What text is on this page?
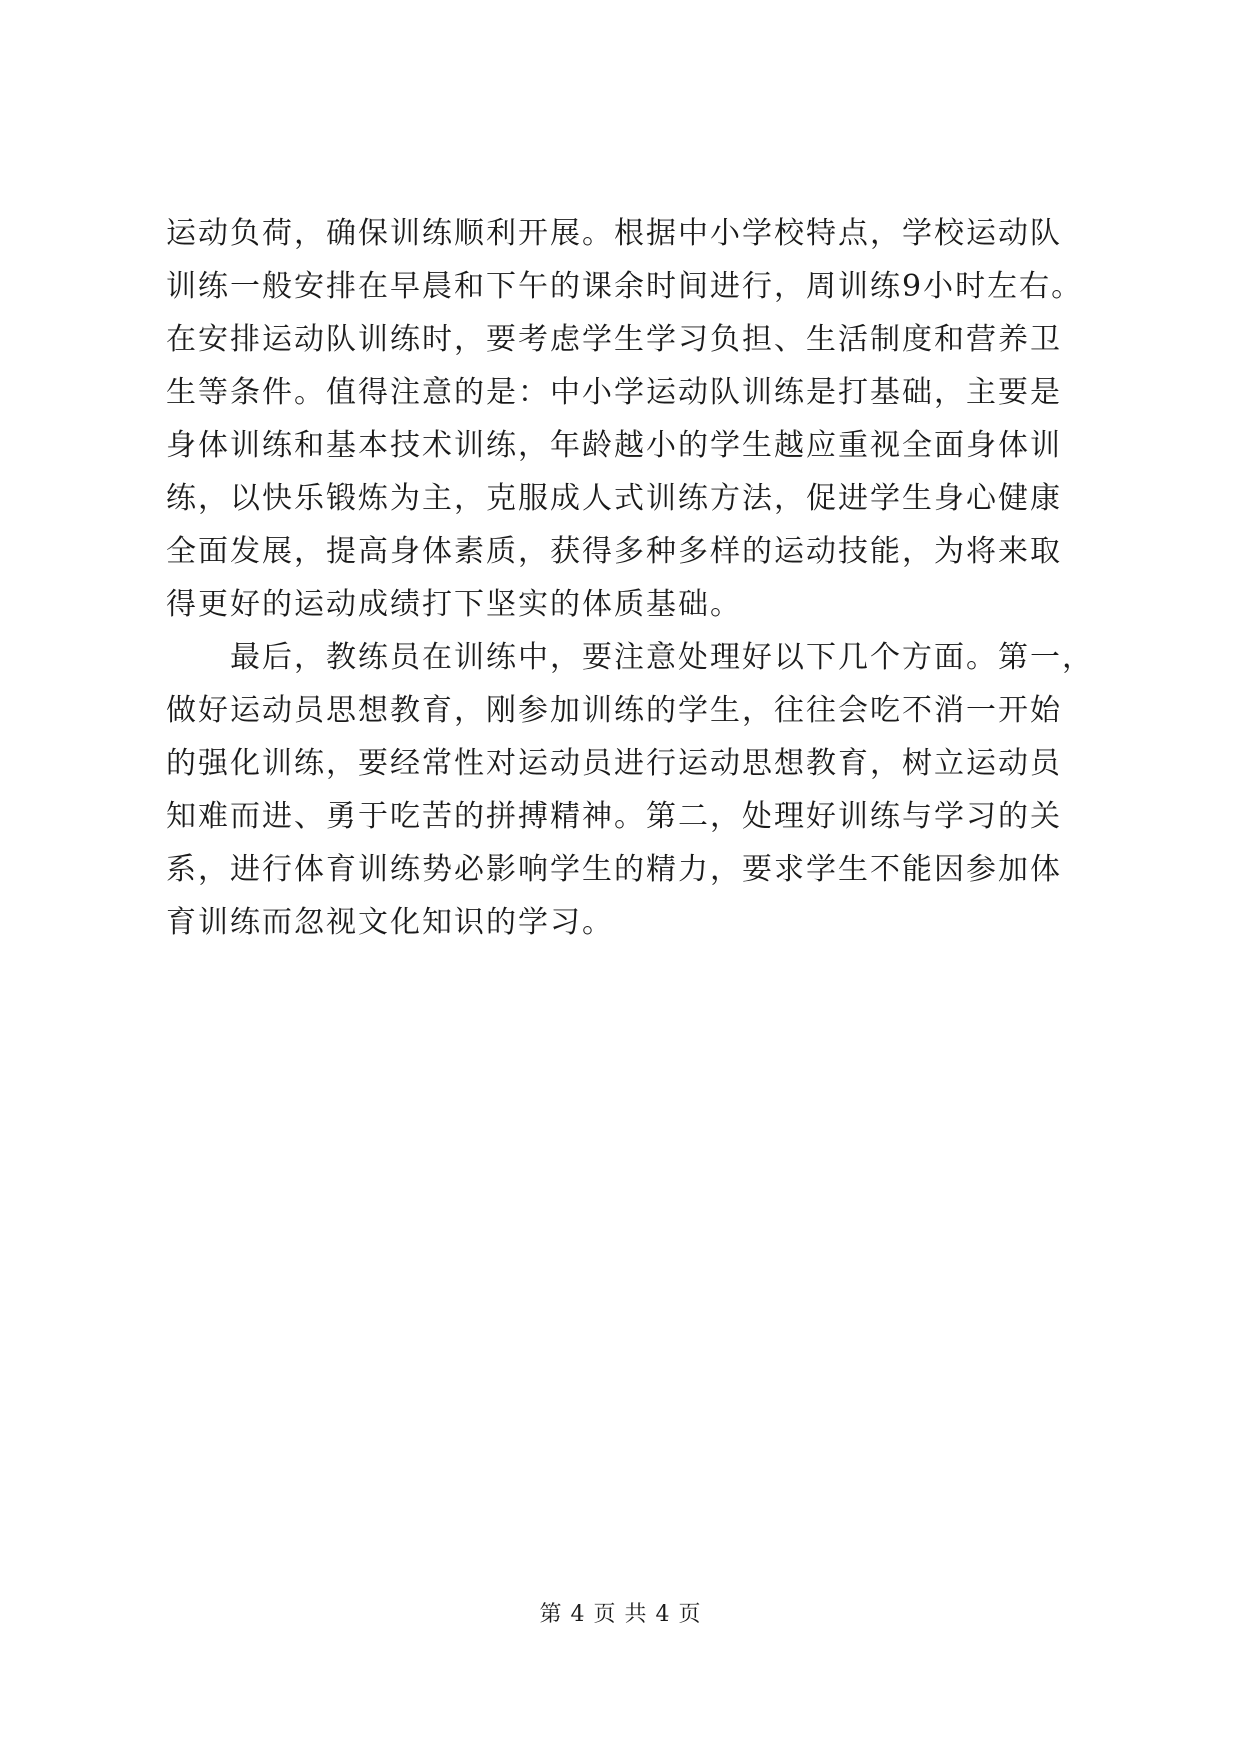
运动负荷，确保训练顺利开展。根据中小学校特点，学校运动队
训练一般安排在早晨和下午的课余时间进行，周训练9小时左右。
在安排运动队训练时，要考虑学生学习负担、生活制度和营养卫
生等条件。值得注意的是：中小学运动队训练是打基础，主要是
身体训练和基本技术训练，年龄越小的学生越应重视全面身体训
练，以快乐锻炼为主，克服成人式训练方法，促进学生身心健康
全面发展，提高身体素质，获得多种多样的运动技能，为将来取
得更好的运动成绩打下坚实的体质基础。
　　最后，教练员在训练中，要注意处理好以下几个方面。第一，
做好运动员思想教育，刚参加训练的学生，往往会吃不消一开始
的强化训练，要经常性对运动员进行运动思想教育，树立运动员
知难而进、勇于吃苦的拼搏精神。第二，处理好训练与学习的关
系，进行体育训练势必影响学生的精力，要求学生不能因参加体
育训练而忽视文化知识的学习。
第 4 页 共 4 页
